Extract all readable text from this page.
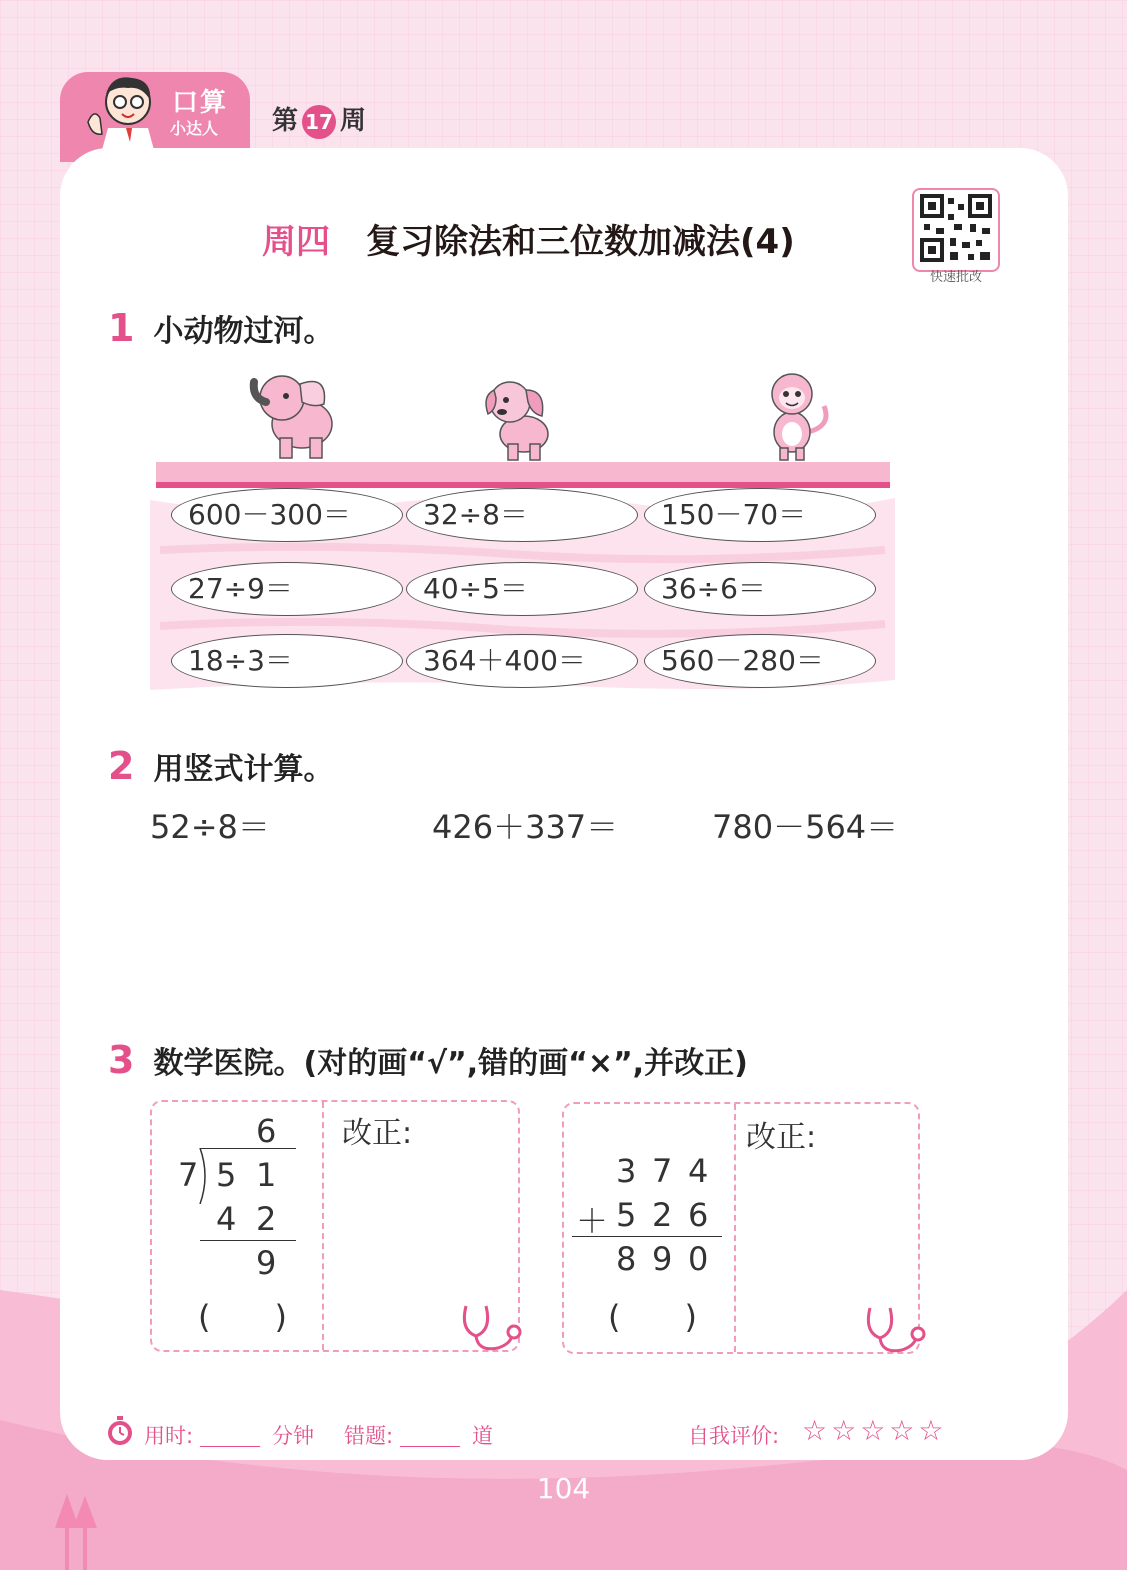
口算
小达人 第 17 周
周四 复习除法和三位数加减法(4)
快速批改
1 小动物过河。
600－300＝	32÷8＝	150－70＝
27÷9＝	40÷5＝	36÷6＝
18÷3＝	364＋400＝	560－280＝
2 用竖式计算。
52÷8＝	426＋337＝	780－564＝
3 数学医院。(对的画“√”,错的画“×”,并改正)
6
7 5 1
4 2
9
(　　)
改正:
3 7 4
＋ 5 2 6
8 9 0
(　　)
改正:
用时:	分钟 错题:	道	自我评价: ☆☆☆☆☆
104
